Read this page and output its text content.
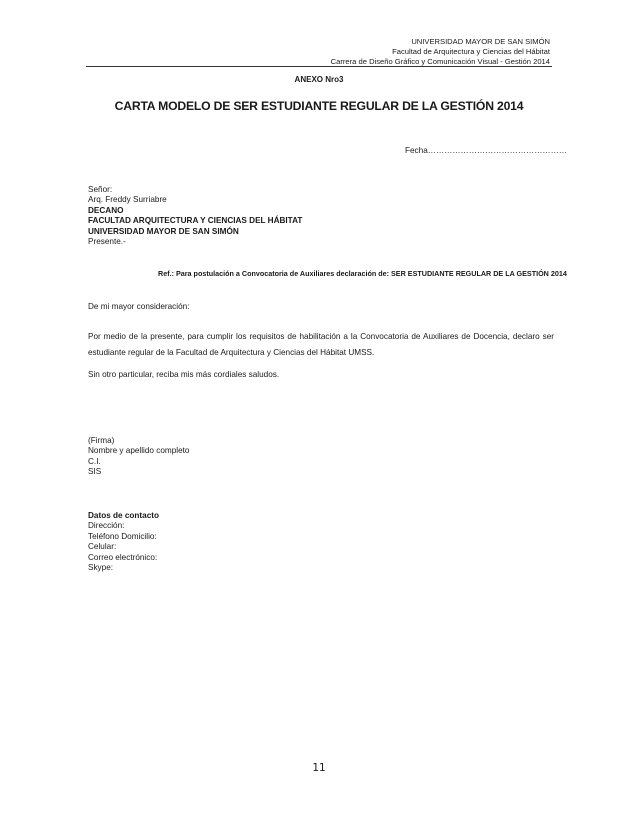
UNIVERSIDAD MAYOR DE SAN SIMÓN
Facultad de Arquitectura y Ciencias del Hábitat
Carrera de Diseño Gráfico y Comunicación Visual - Gestión 2014
ANEXO Nro3
CARTA MODELO DE SER ESTUDIANTE REGULAR DE LA GESTIÓN 2014
Fecha……………………………………………
Señor:
Arq. Freddy Surriabre
DECANO
FACULTAD ARQUITECTURA Y CIENCIAS DEL HÁBITAT
UNIVERSIDAD MAYOR DE SAN SIMÓN
Presente.-
Ref.: Para postulación a Convocatoria de Auxiliares declaración de: SER ESTUDIANTE REGULAR DE LA GESTIÓN 2014
De mi mayor consideración:
Por medio de la presente, para cumplir los requisitos de habilitación a la Convocatoria de Auxiliares de Docencia, declaro ser estudiante regular de la Facultad de Arquitectura y Ciencias del Hábitat UMSS.
Sin otro particular, reciba mis más cordiales saludos.
(Firma)
Nombre y apellido completo
C.I.
SIS
Datos de contacto
Dirección:
Teléfono Domicilio:
Celular:
Correo electrónico:
Skype:
11
